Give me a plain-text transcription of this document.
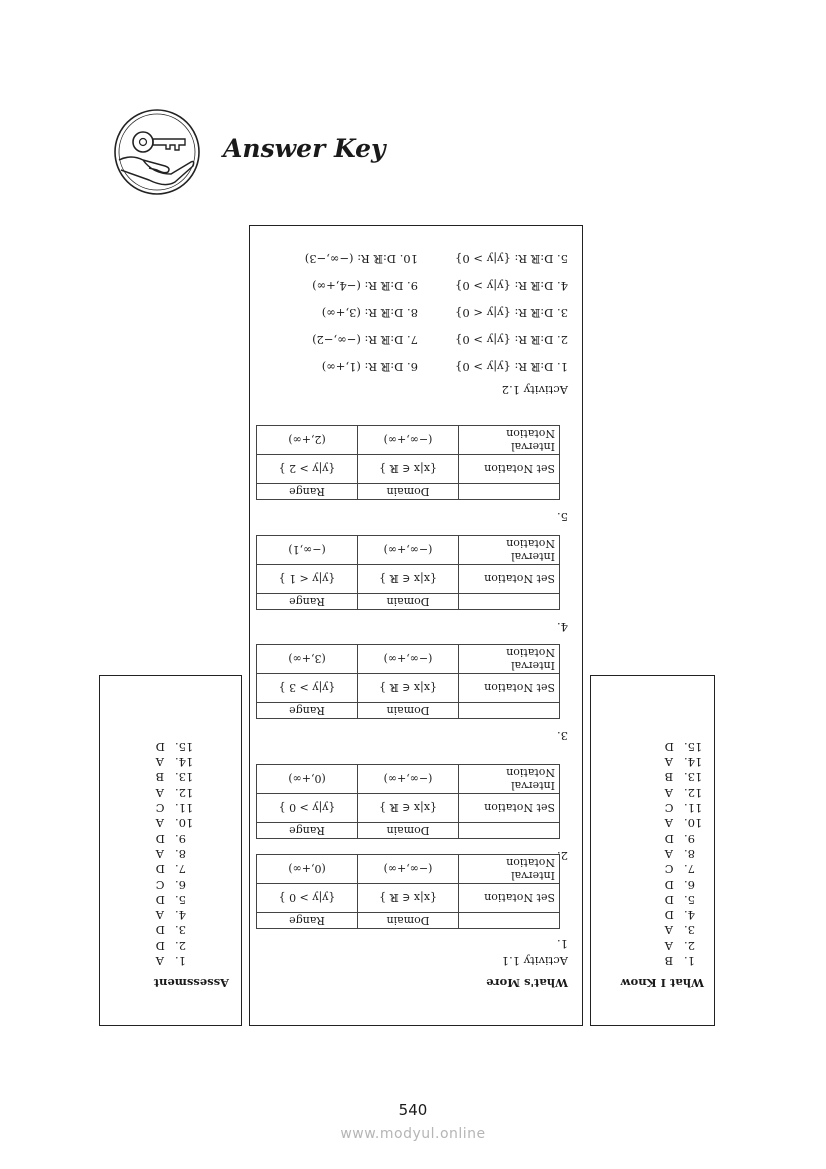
Answer Key
What I Know
1.  B
2.  A
3.  A
4.  D
5.  D
6.  D
7.  C
8.  A
9.  D
10.  A
11.  C
12.  A
13.  B
14.  A
15.  D
Assessment
1.  A
2.  D
3.  D
4.  A
5.  D
6.  C
7.  D
8.  A
9.  D
10.  A
11.  C
12.  A
13.  B
14.  A
15.  D
What's More
Activity 1.1
1.
	Domain	Range
Set Notation	{x|x ∈ ℝ }	{y|y > 0 }
Interval Notation	(−∞,+∞)	(0,+∞)
2.
	Domain	Range
Set Notation	{x|x ∈ ℝ }	{y|y > 0 }
Interval Notation	(−∞,+∞)	(0,+∞)
3.
	Domain	Range
Set Notation	{x|x ∈ ℝ }	{y|y > 3 }
Interval Notation	(−∞,+∞)	(3,+∞)
4.
	Domain	Range
Set Notation	{x|x ∈ ℝ }	{y|y < 1 }
Interval Notation	(−∞,+∞)	(−∞,1)
5.
	Domain	Range
Set Notation	{x|x ∈ ℝ }	{y|y > 2 }
Interval Notation	(−∞,+∞)	(2,+∞)
Activity 1.2
1. D:ℝ R: {y|y > 0}
6. D:ℝ R: (1,+∞)
2. D:ℝ R: {y|y > 0}
7. D:ℝ R: (−∞,−2)
3. D:ℝ R: {y|y < 0}
8. D:ℝ R: (3,+∞)
4. D:ℝ R: {y|y > 0}
9. D:ℝ R: (−4,+∞)
5. D:ℝ R: {y|y > 0}
10. D:ℝ R: (−∞,−3)
540
www.modyul.online
